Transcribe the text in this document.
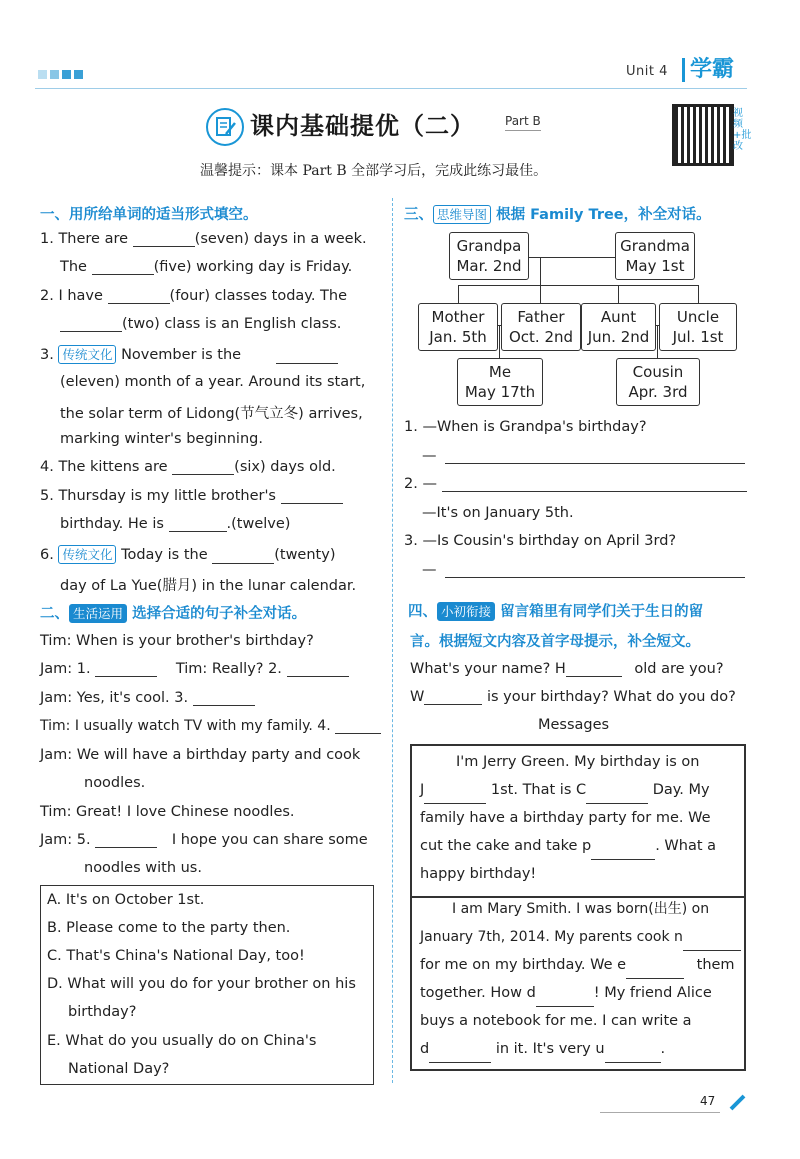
Unit 4	学霸
课内基础提优（二）	Part B
视频+批改
温馨提示：课本 Part B 全部学习后，完成此练习最佳。
一、用所给单词的适当形式填空。
1. There are	(seven) days in a week.
The	(five) working day is Friday.
2. I have	(four) classes today. The
(two) class is an English class.
3. 传统文化 November is the
(eleven) month of a year. Around its start,
the solar term of Lidong(节气立冬) arrives,
marking winter's beginning.
4. The kittens are	(six) days old.
5. Thursday is my little brother's
birthday. He is	.(twelve)
6. 传统文化 Today is the	(twenty)
day of La Yue(腊月) in the lunar calendar.
二、 生活运用 选择合适的句子补全对话。
Tim: When is your brother's birthday?
Jam: 1.	Tim: Really? 2.
Jam: Yes, it's cool. 3.
Tim: I usually watch TV with my family. 4.
Jam: We will have a birthday party and cook
noodles.
Tim: Great! I love Chinese noodles.
Jam: 5.	I hope you can share some
noodles with us.
A. It's on October 1st.
B. Please come to the party then.
C. That's China's National Day, too!
D. What will you do for your brother on his
birthday?
E. What do you usually do on China's
National Day?
三、 思维导图 根据 Family Tree，补全对话。
Grandpa
Mar. 2nd
Grandma
May 1st
Mother
Jan. 5th
Father
Oct. 2nd
Aunt
Jun. 2nd
Uncle
Jul. 1st
Me
May 17th
Cousin
Apr. 3rd
1. —When is Grandpa's birthday?
—
2. —
—It's on January 5th.
3. —Is Cousin's birthday on April 3rd?
—
四、 小初衔接 留言箱里有同学们关于生日的留
言。根据短文内容及首字母提示，补全短文。
What's your name? H	old are you?
W	is your birthday? What do you do?
Messages
I'm Jerry Green. My birthday is on
J	1st. That is C	Day. My
family have a birthday party for me. We
cut the cake and take p	. What a
happy birthday!
I am Mary Smith. I was born(出生) on
January 7th, 2014. My parents cook n
for me on my birthday. We e	them
together. How d	! My friend Alice
buys a notebook for me. I can write a
d	in it. It's very u	.
47
